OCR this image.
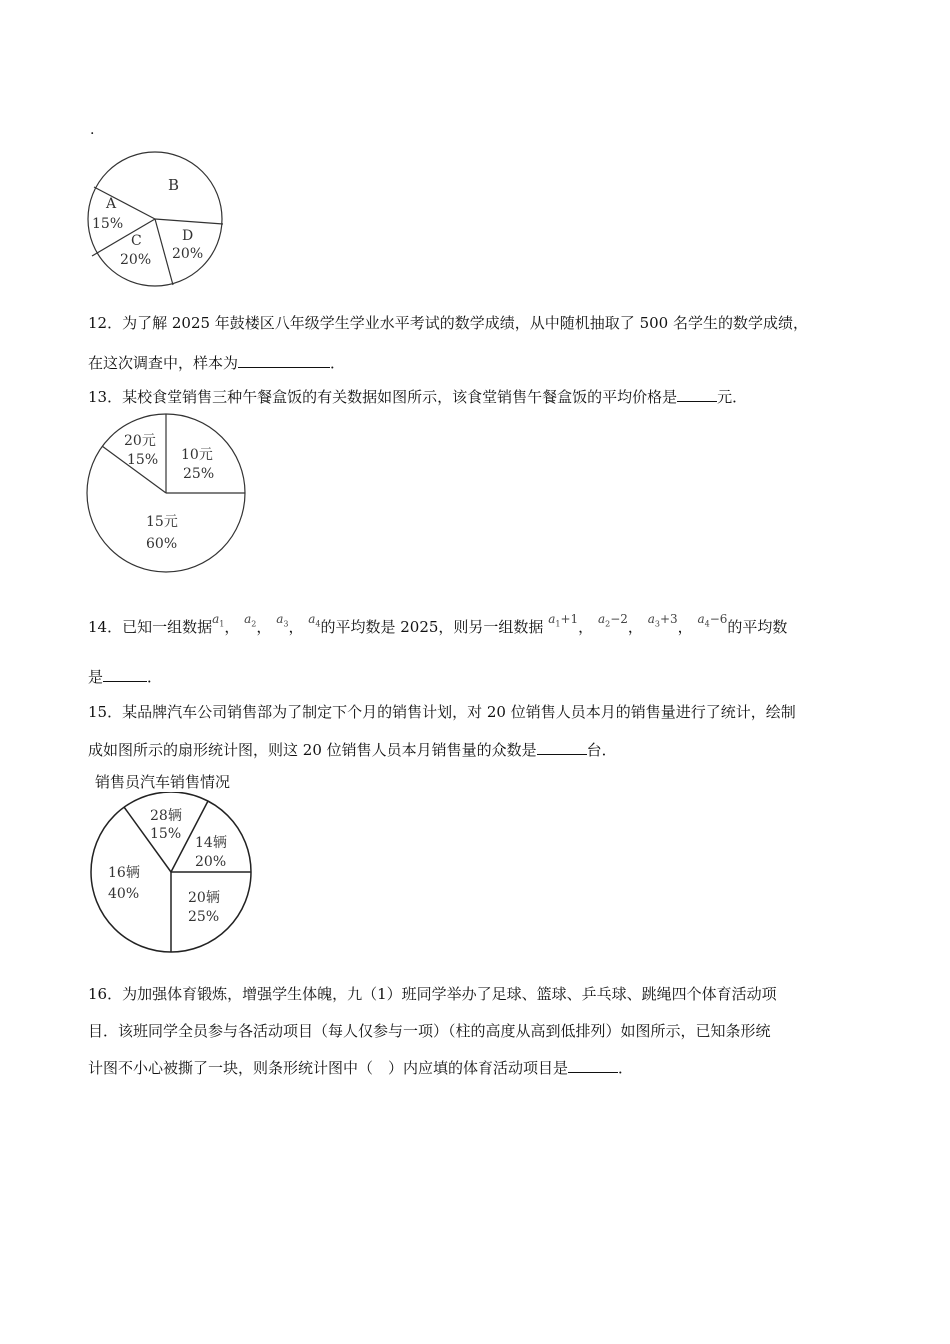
.
B
A
15%
C
20%
D
20%
12．为了解 2025 年鼓楼区八年级学生学业水平考试的数学成绩，从中随机抽取了 500 名学生的数学成绩，
在这次调查中，样本为	．
13．某校食堂销售三种午餐盒饭的有关数据如图所示，该食堂销售午餐盒饭的平均价格是	元．
20元
15% 10元
25%
15元
60%
14．已知一组数据$^{a_1}$， $^{a_2}$， $^{a_3}$， $^{a_4}$的平均数是 2025，则另一组数据 $^{a_1+1}$， $^{a_2-2}$， $^{a_3+3}$， $^{a_4-6}$的平均数
是	．
15．某品牌汽车公司销售部为了制定下个月的销售计划，对 20 位销售人员本月的销售量进行了统计，绘制
成如图所示的扇形统计图，则这 20 位销售人员本月销售量的众数是	台．
销售员汽车销售情况
28辆
15%
14辆
20%
16辆
40%	20辆
25%
16．为加强体育锻炼，增强学生体魄，九（1）班同学举办了足球、篮球、乒乓球、跳绳四个体育活动项
目．该班同学全员参与各活动项目（每人仅参与一项）（柱的高度从高到低排列）如图所示，已知条形统
计图不小心被撕了一块，则条形统计图中（　）内应填的体育活动项目是	．
